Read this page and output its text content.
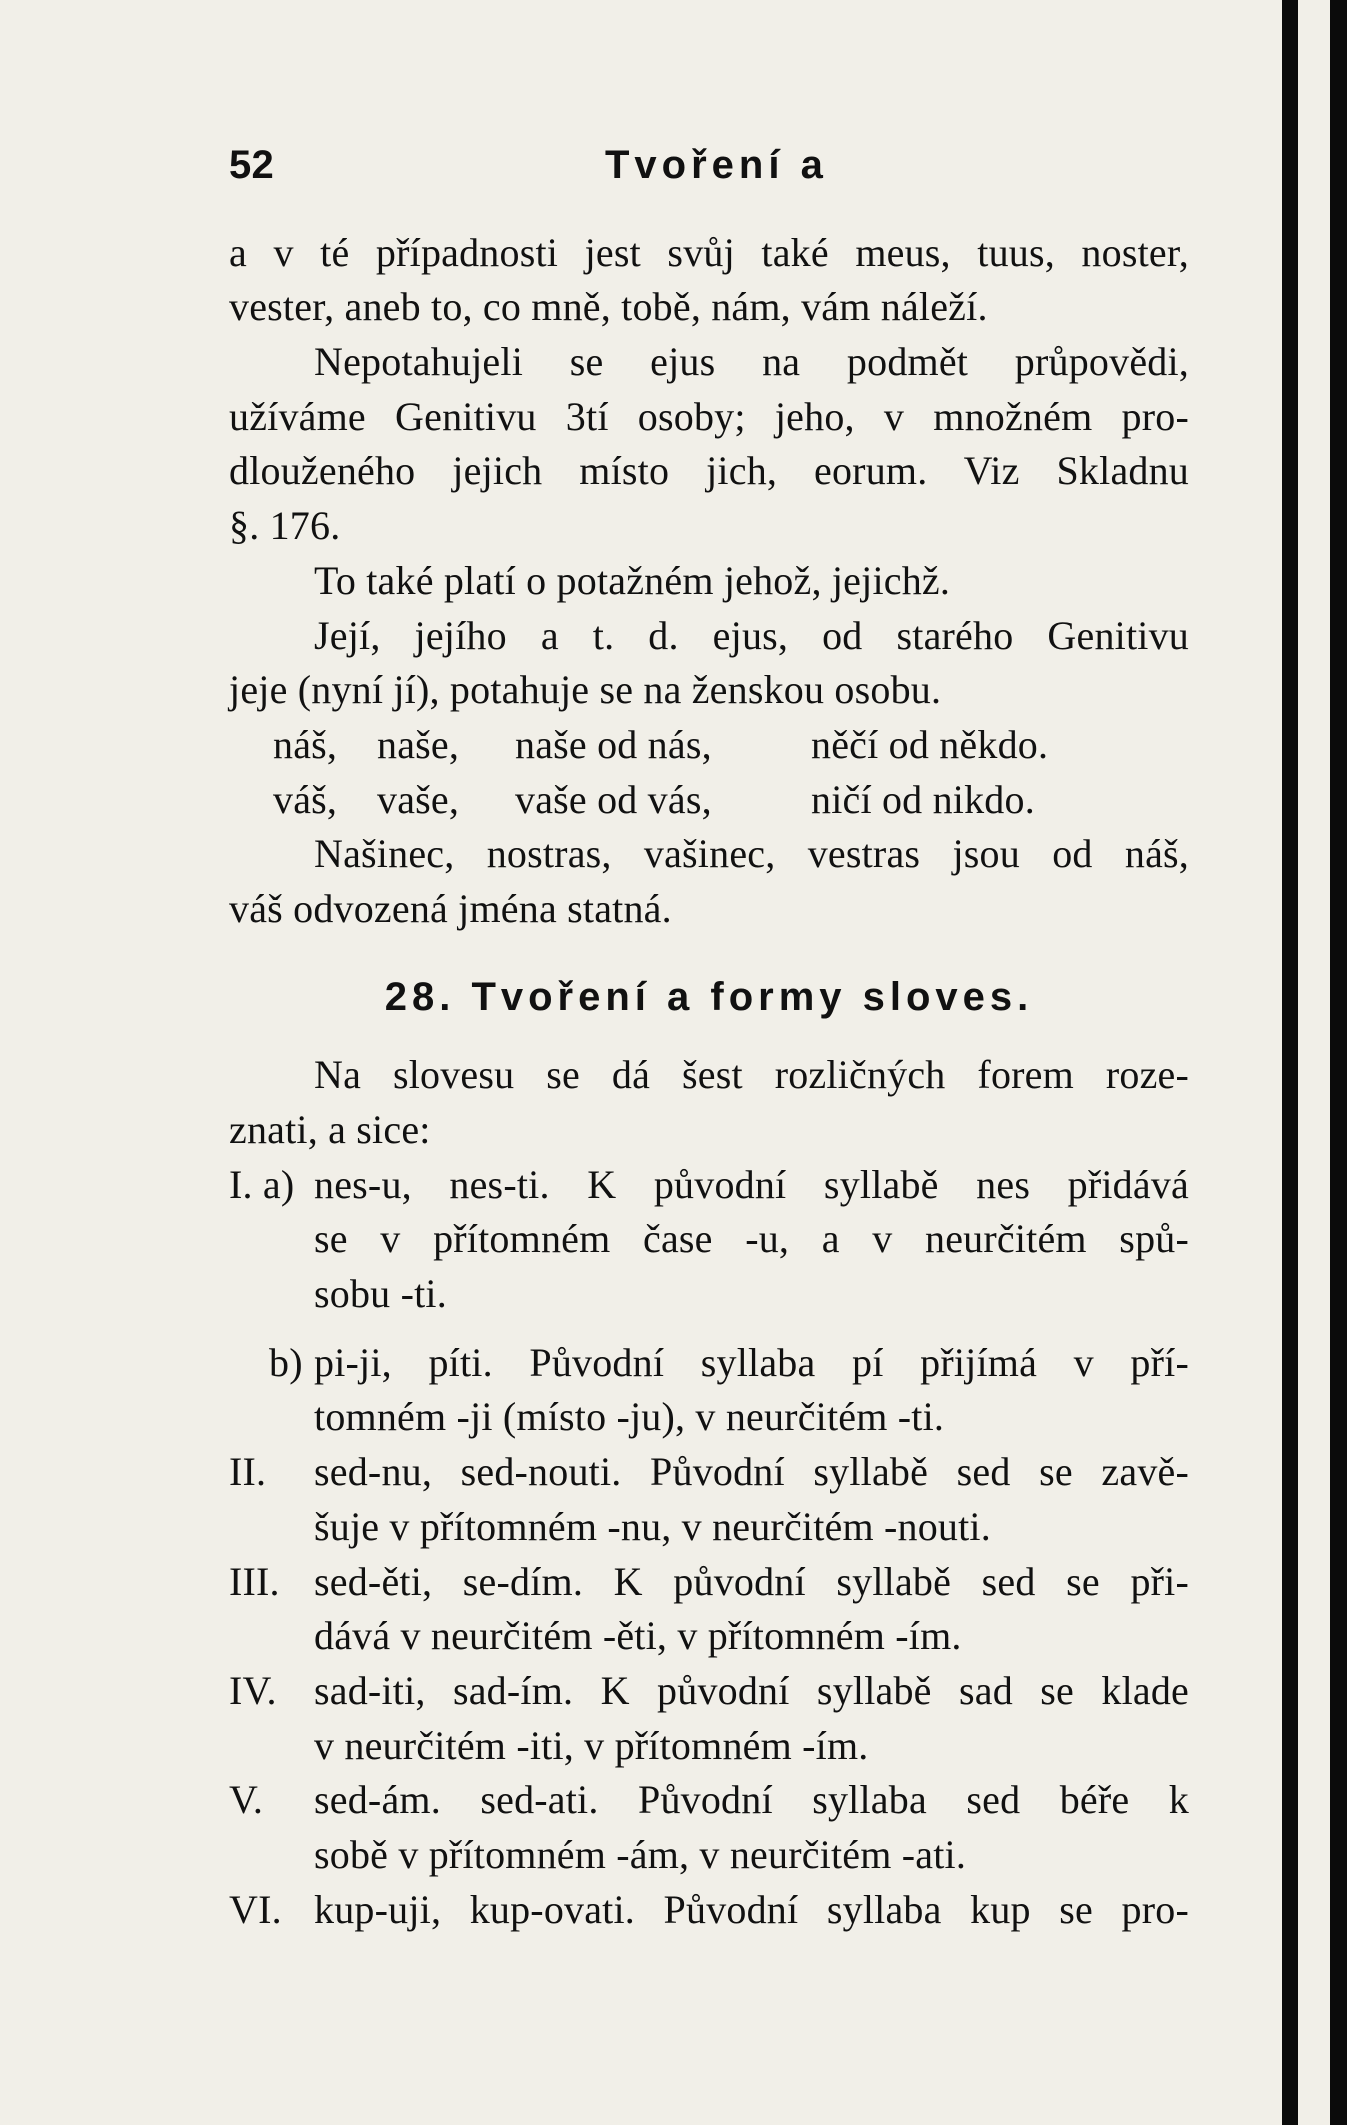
52	Tvoření a
a v té případnosti jest svůj také meus, tuus, noster,
vester, aneb to, co mně, tobě, nám, vám náleží.
Nepotahujeli se ejus na podmět průpovědi,
užíváme Genitivu 3tí osoby; jeho, v množném pro-
dlouženého jejich místo jich, eorum. Viz Skladnu
§. 176.
To také platí o potažném jehož, jejichž.
Její, jejího a t. d. ejus, od starého Genitivu
jeje (nyní jí), potahuje se na ženskou osobu.
náš, naše,	naše od nás,	něčí od někdo.
váš, vaše,	vaše od vás,	ničí od nikdo.
Našinec, nostras, vašinec, vestras jsou od náš,
váš odvozená jména statná.
28. Tvoření a formy sloves.
Na slovesu se dá šest rozličných forem roze-
znati, a sice:
I. a) nes-u, nes-ti. K původní syllabě nes přidává
se v přítomném čase -u, a v neurčitém spů-
sobu -ti.
b) pi-ji, píti. Původní syllaba pí přijímá v pří-
tomném -ji (místo -ju), v neurčitém -ti.
II.	sed-nu, sed-nouti. Původní syllabě sed se zavě-
šuje v přítomném -nu, v neurčitém -nouti.
III. sed-ěti, se-dím. K původní syllabě sed se při-
dává v neurčitém -ěti, v přítomném -ím.
IV. sad-iti, sad-ím. K původní syllabě sad se klade
v neurčitém -iti, v přítomném -ím.
V.	sed-ám. sed-ati. Původní syllaba sed béře k
sobě v přítomném -ám, v neurčitém -ati.
VI. kup-uji, kup-ovati. Původní syllaba kup se pro-
